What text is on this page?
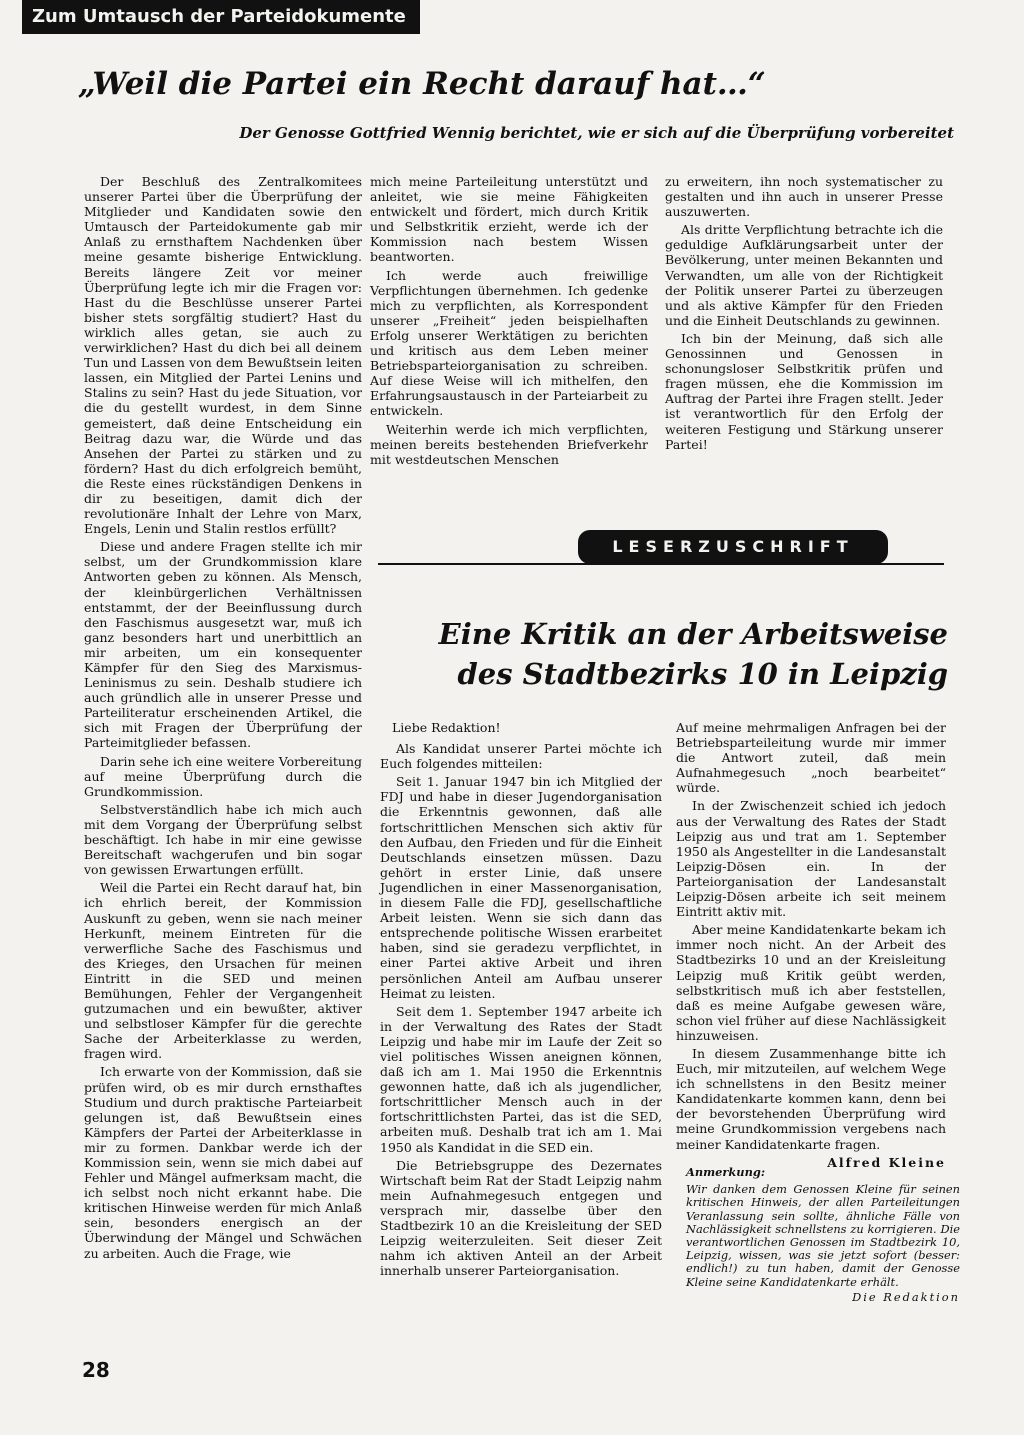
Zum Umtausch der Parteidokumente
„Weil die Partei ein Recht darauf hat…“
Der Genosse Gottfried Wennig berichtet, wie er sich auf die Überprüfung vorbereitet

Der Beschluß des Zentralkomitees unserer Partei über die Überprüfung der Mitglieder und Kandidaten sowie den Umtausch der Parteidokumente gab mir Anlaß zu ernsthaftem Nachdenken über meine gesamte bisherige Entwicklung. Bereits längere Zeit vor meiner Überprüfung legte ich mir die Fragen vor: Hast du die Beschlüsse unserer Partei bisher stets sorgfältig studiert? Hast du wirklich alles getan, sie auch zu verwirklichen? Hast du dich bei all deinem Tun und Lassen von dem Bewußtsein leiten lassen, ein Mitglied der Partei Lenins und Stalins zu sein? Hast du jede Situation, vor die du gestellt wurdest, in dem Sinne gemeistert, daß deine Entscheidung ein Beitrag dazu war, die Würde und das Ansehen der Partei zu stärken und zu fördern? Hast du dich erfolgreich bemüht, die Reste eines rückständigen Denkens in dir zu beseitigen, damit dich der revolutionäre Inhalt der Lehre von Marx, Engels, Lenin und Stalin restlos erfüllt?

Diese und andere Fragen stellte ich mir selbst, um der Grundkommission klare Antworten geben zu können. Als Mensch, der kleinbürgerlichen Verhältnissen entstammt, der der Beeinflussung durch den Faschismus ausgesetzt war, muß ich ganz besonders hart und unerbittlich an mir arbeiten, um ein konsequenter Kämpfer für den Sieg des Marxismus-Leninismus zu sein. Deshalb studiere ich auch gründlich alle in unserer Presse und Parteiliteratur erscheinenden Artikel, die sich mit Fragen der Überprüfung der Parteimitglieder befassen.

Darin sehe ich eine weitere Vorbereitung auf meine Überprüfung durch die Grundkommission.

Selbstverständlich habe ich mich auch mit dem Vorgang der Überprüfung selbst beschäftigt. Ich habe in mir eine gewisse Bereitschaft wachgerufen und bin sogar von gewissen Erwartungen erfüllt.

Weil die Partei ein Recht darauf hat, bin ich ehrlich bereit, der Kommission Auskunft zu geben, wenn sie nach meiner Herkunft, meinem Eintreten für die verwerfliche Sache des Faschismus und des Krieges, den Ursachen für meinen Eintritt in die SED und meinen Bemühungen, Fehler der Vergangenheit gutzumachen und ein bewußter, aktiver und selbstloser Kämpfer für die gerechte Sache der Arbeiterklasse zu werden, fragen wird.

Ich erwarte von der Kommission, daß sie prüfen wird, ob es mir durch ernsthaftes Studium und durch praktische Parteiarbeit gelungen ist, daß Bewußtsein eines Kämpfers der Partei der Arbeiterklasse in mir zu formen. Dankbar werde ich der Kommission sein, wenn sie mich dabei auf Fehler und Mängel aufmerksam macht, die ich selbst noch nicht erkannt habe. Die kritischen Hinweise werden für mich Anlaß sein, besonders energisch an der Überwindung der Mängel und Schwächen zu arbeiten. Auch die Frage, wie

mich meine Parteileitung unterstützt und anleitet, wie sie meine Fähigkeiten entwickelt und fördert, mich durch Kritik und Selbstkritik erzieht, werde ich der Kommission nach bestem Wissen beantworten.

Ich werde auch freiwillige Verpflichtungen übernehmen. Ich gedenke mich zu verpflichten, als Korrespondent unserer „Freiheit“ jeden beispielhaften Erfolg unserer Werktätigen zu berichten und kritisch aus dem Leben meiner Betriebsparteiorganisation zu schreiben. Auf diese Weise will ich mithelfen, den Erfahrungsaustausch in der Parteiarbeit zu entwickeln.

Weiterhin werde ich mich verpflichten, meinen bereits bestehenden Briefverkehr mit westdeutschen Menschen

zu erweitern, ihn noch systematischer zu gestalten und ihn auch in unserer Presse auszuwerten.

Als dritte Verpflichtung betrachte ich die geduldige Aufklärungsarbeit unter der Bevölkerung, unter meinen Bekannten und Verwandten, um alle von der Richtigkeit der Politik unserer Partei zu überzeugen und als aktive Kämpfer für den Frieden und die Einheit Deutschlands zu gewinnen.

Ich bin der Meinung, daß sich alle Genossinnen und Genossen in schonungsloser Selbstkritik prüfen und fragen müssen, ehe die Kommission im Auftrag der Partei ihre Fragen stellt. Jeder ist verantwortlich für den Erfolg der weiteren Festigung und Stärkung unserer Partei!

LESERZUSCHRIFT
Eine Kritik an der Arbeitsweise
des Stadtbezirks 10 in Leipzig

Liebe Redaktion!

Als Kandidat unserer Partei möchte ich Euch folgendes mitteilen:

Seit 1. Januar 1947 bin ich Mitglied der FDJ und habe in dieser Jugendorganisation die Erkenntnis gewonnen, daß alle fortschrittlichen Menschen sich aktiv für den Aufbau, den Frieden und für die Einheit Deutschlands einsetzen müssen. Dazu gehört in erster Linie, daß unsere Jugendlichen in einer Massenorganisation, in diesem Falle die FDJ, gesellschaftliche Arbeit leisten. Wenn sie sich dann das entsprechende politische Wissen erarbeitet haben, sind sie geradezu verpflichtet, in einer Partei aktive Arbeit und ihren persönlichen Anteil am Aufbau unserer Heimat zu leisten.

Seit dem 1. September 1947 arbeite ich in der Verwaltung des Rates der Stadt Leipzig und habe mir im Laufe der Zeit so viel politisches Wissen aneignen können, daß ich am 1. Mai 1950 die Erkenntnis gewonnen hatte, daß ich als jugendlicher, fortschrittlicher Mensch auch in der fortschrittlichsten Partei, das ist die SED, arbeiten muß. Deshalb trat ich am 1. Mai 1950 als Kandidat in die SED ein.

Die Betriebsgruppe des Dezernates Wirtschaft beim Rat der Stadt Leipzig nahm mein Aufnahmegesuch entgegen und versprach mir, dasselbe über den Stadtbezirk 10 an die Kreisleitung der SED Leipzig weiterzuleiten. Seit dieser Zeit nahm ich aktiven Anteil an der Arbeit innerhalb unserer Parteiorganisation.

Auf meine mehrmaligen Anfragen bei der Betriebsparteileitung wurde mir immer die Antwort zuteil, daß mein Aufnahmegesuch „noch bearbeitet“ würde.

In der Zwischenzeit schied ich jedoch aus der Verwaltung des Rates der Stadt Leipzig aus und trat am 1. September 1950 als Angestellter in die Landesanstalt Leipzig-Dösen ein. In der Parteiorganisation der Landesanstalt Leipzig-Dösen arbeite ich seit meinem Eintritt aktiv mit.

Aber meine Kandidatenkarte bekam ich immer noch nicht. An der Arbeit des Stadtbezirks 10 und an der Kreisleitung Leipzig muß Kritik geübt werden, selbstkritisch muß ich aber feststellen, daß es meine Aufgabe gewesen wäre, schon viel früher auf diese Nachlässigkeit hinzuweisen.

In diesem Zusammenhange bitte ich Euch, mir mitzuteilen, auf welchem Wege ich schnellstens in den Besitz meiner Kandidatenkarte kommen kann, denn bei der bevorstehenden Überprüfung wird meine Grundkommission vergebens nach meiner Kandidatenkarte fragen.

Alfred Kleine

Anmerkung:
Wir danken dem Genossen Kleine für seinen kritischen Hinweis, der allen Parteileitungen Veranlassung sein sollte, ähnliche Fälle von Nachlässigkeit schnellstens zu korrigieren. Die verantwortlichen Genossen im Stadtbezirk 10, Leipzig, wissen, was sie jetzt sofort (besser: endlich!) zu tun haben, damit der Genosse Kleine seine Kandidatenkarte erhält.
Die Redaktion
28
